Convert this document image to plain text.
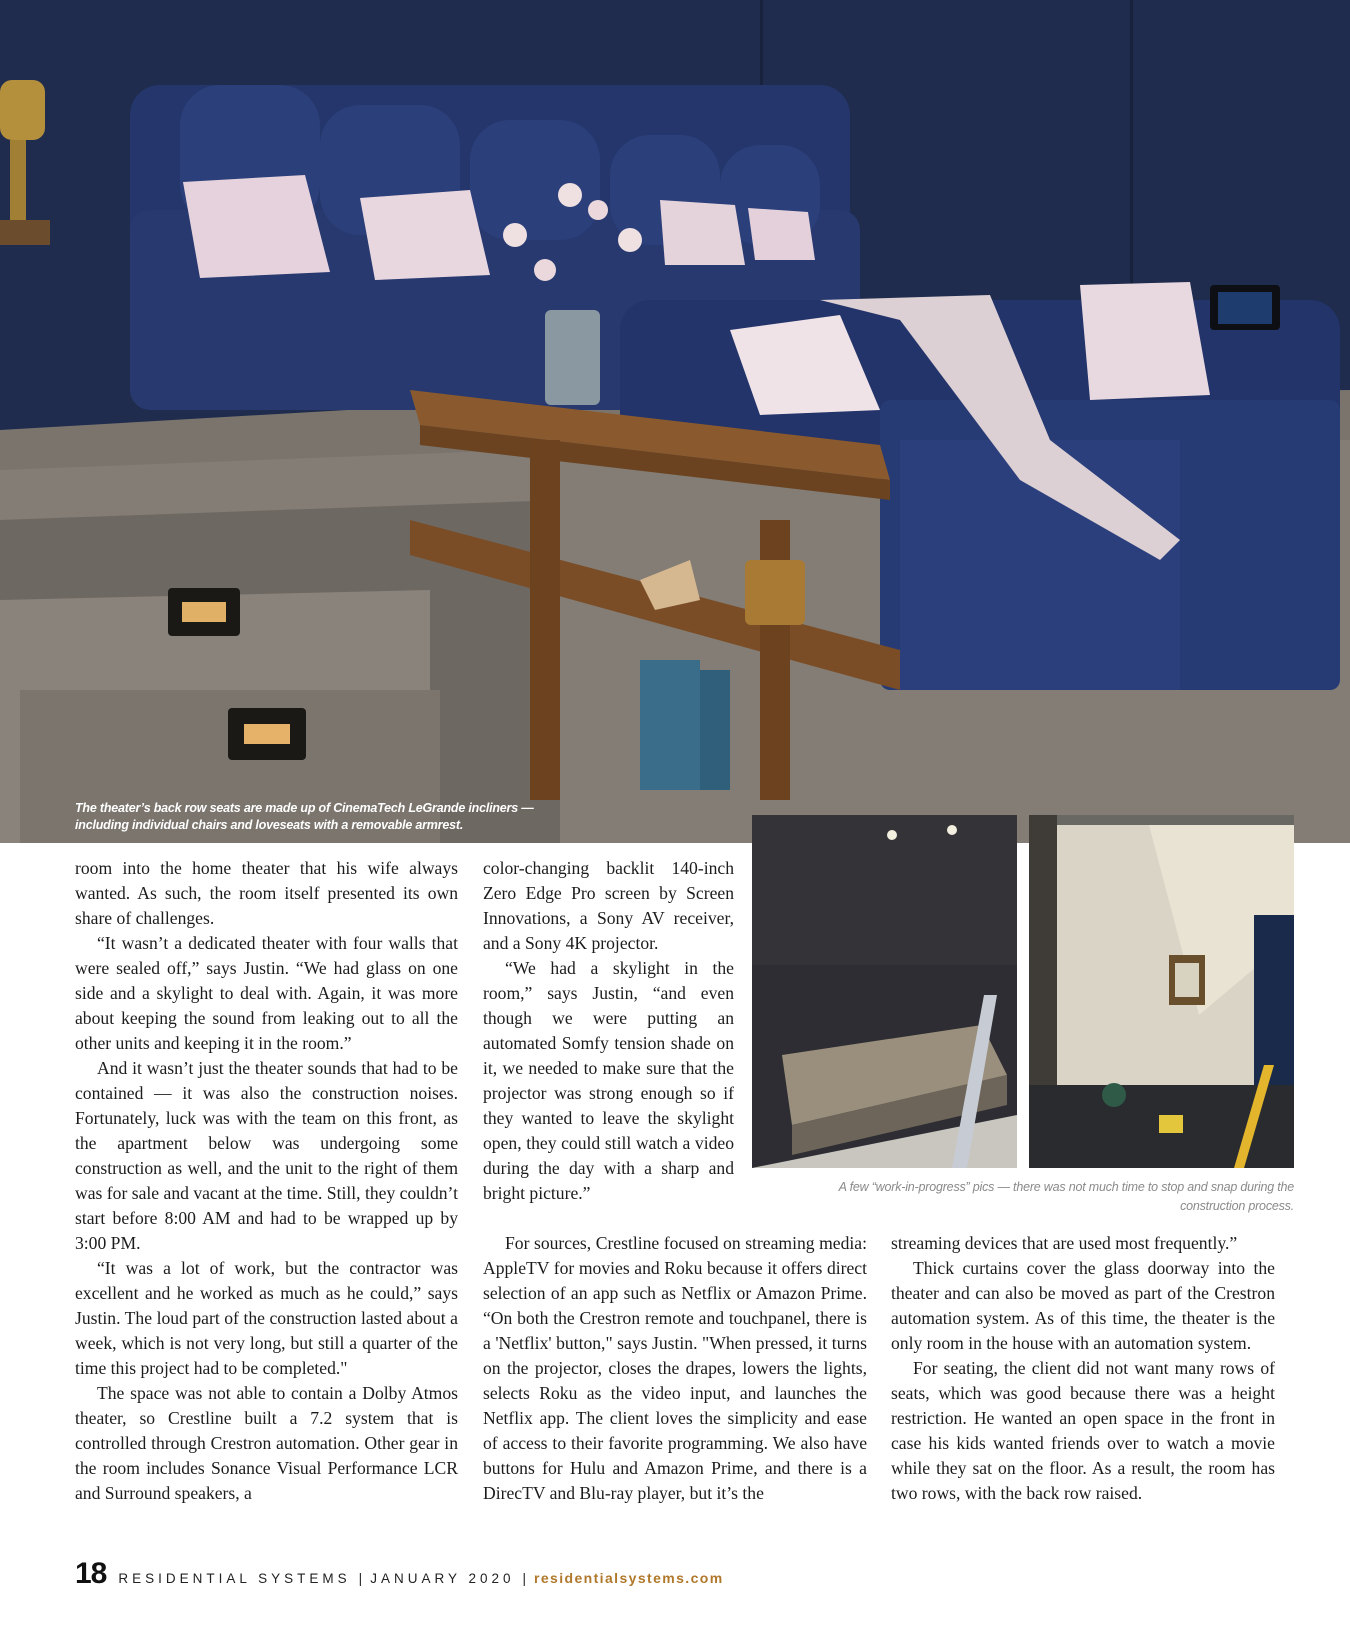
The theater’s back row seats are made up of CinemaTech LeGrande incliners —
including individual chairs and loveseats with a removable armrest.
A few “work-in-progress” pics — there was not much time to stop and snap during the
construction process.

room into the home theater that his wife always wanted. As such, the room itself presented its own share of challenges.

“It wasn’t a dedicated theater with four walls that were sealed off,” says Justin. “We had glass on one side and a skylight to deal with. Again, it was more about keeping the sound from leaking out to all the other units and keeping it in the room.”

And it wasn’t just the theater sounds that had to be contained — it was also the construction noises. Fortunately, luck was with the team on this front, as the apartment below was undergoing some construction as well, and the unit to the right of them was for sale and vacant at the time. Still, they couldn’t start before 8:00 AM and had to be wrapped up by 3:00 PM.

“It was a lot of work, but the contractor was excellent and he worked as much as he could,” says Justin. The loud part of the construction lasted about a week, which is not very long, but still a quarter of the time this project had to be completed."

The space was not able to contain a Dolby Atmos theater, so Crestline built a 7.2 system that is controlled through Crestron automation. Other gear in the room includes Sonance Visual Performance LCR and Surround speakers, a

color-changing backlit 140-inch Zero Edge Pro screen by Screen Innovations, a Sony AV receiver, and a Sony 4K projector.

“We had a skylight in the room,” says Justin, “and even though we were putting an automated Somfy tension shade on it, we needed to make sure that the projector was strong enough so if they wanted to leave the skylight open, they could still watch a video during the day with a sharp and bright picture.”

For sources, Crestline focused on streaming media: AppleTV for movies and Roku because it offers direct selection of an app such as Netflix or Amazon Prime. “On both the Crestron remote and touchpanel, there is a 'Netflix' button," says Justin. "When pressed, it turns on the projector, closes the drapes, lowers the lights, selects Roku as the video input, and launches the Netflix app. The client loves the simplicity and ease of access to their favorite programming. We also have buttons for Hulu and Amazon Prime, and there is a DirecTV and Blu-ray player, but it’s the

streaming devices that are used most frequently.”

Thick curtains cover the glass doorway into the theater and can also be moved as part of the Crestron automation system. As of this time, the theater is the only room in the house with an automation system.

For seating, the client did not want many rows of seats, which was good because there was a height restriction. He wanted an open space in the front in case his kids wanted friends over to watch a movie while they sat on the floor. As a result, the room has two rows, with the back row raised.

18 RESIDENTIAL SYSTEMS | JANUARY 2020 | residentialsystems.com
